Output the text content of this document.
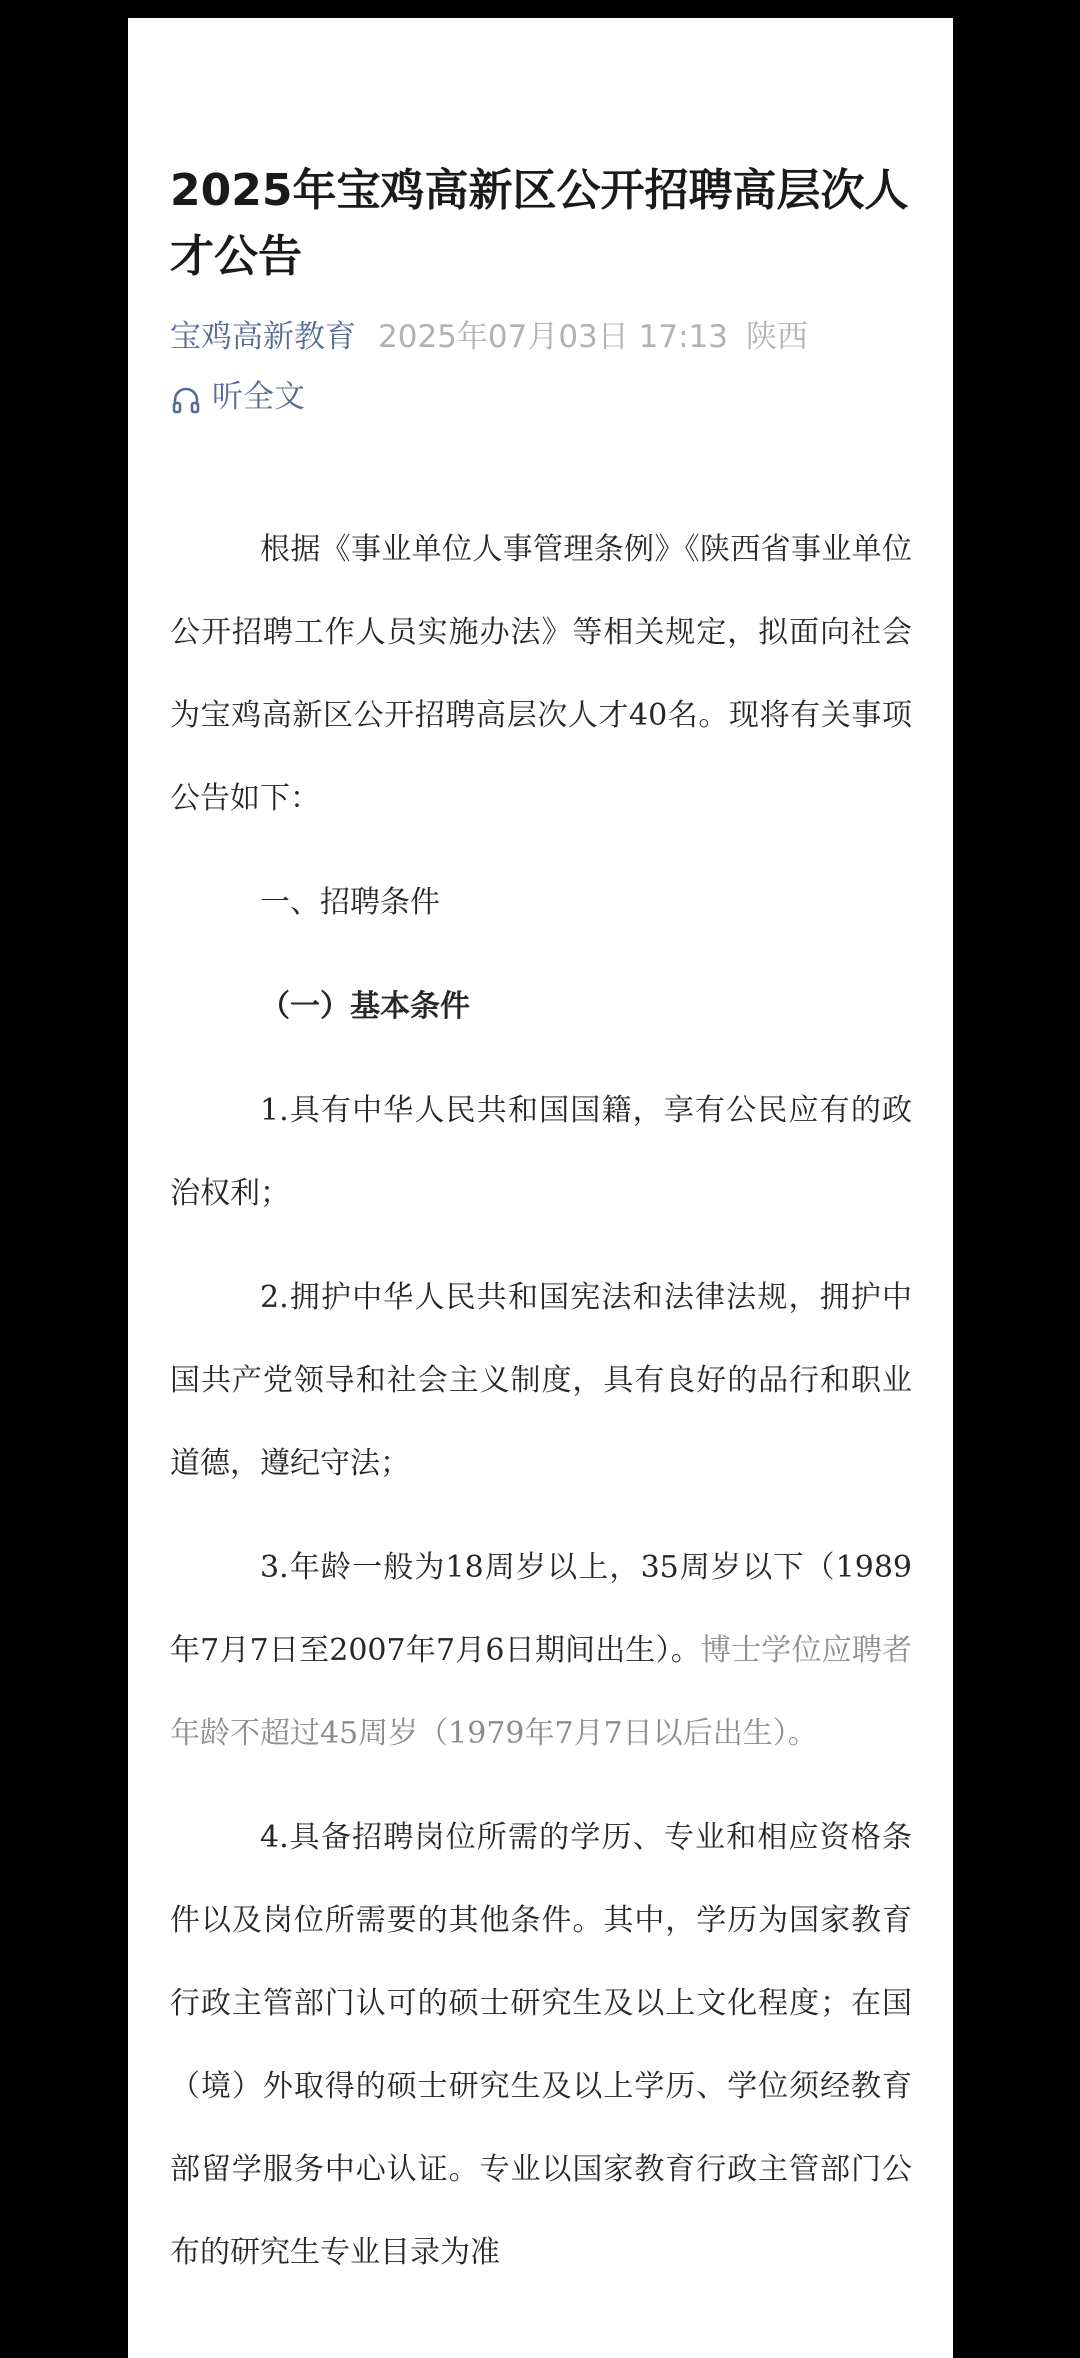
2025年宝鸡高新区公开招聘高层次人才公告
宝鸡高新教育 2025年07月03日 17:13 陕西
听全文

根据《事业单位人事管理条例》《陕西省事业单位公开招聘工作人员实施办法》等相关规定，拟面向社会为宝鸡高新区公开招聘高层次人才40名。现将有关事项公告如下：

一、招聘条件

（一）基本条件

1.具有中华人民共和国国籍，享有公民应有的政治权利；

2.拥护中华人民共和国宪法和法律法规，拥护中国共产党领导和社会主义制度，具有良好的品行和职业道德，遵纪守法；

3.年龄一般为18周岁以上，35周岁以下（1989年7月7日至2007年7月6日期间出生）。博士学位应聘者年龄不超过45周岁（1979年7月7日以后出生）。

4.具备招聘岗位所需的学历、专业和相应资格条件以及岗位所需要的其他条件。其中，学历为国家教育行政主管部门认可的硕士研究生及以上文化程度；在国（境）外取得的硕士研究生及以上学历、学位须经教育部留学服务中心认证。专业以国家教育行政主管部门公布的研究生专业目录为准
